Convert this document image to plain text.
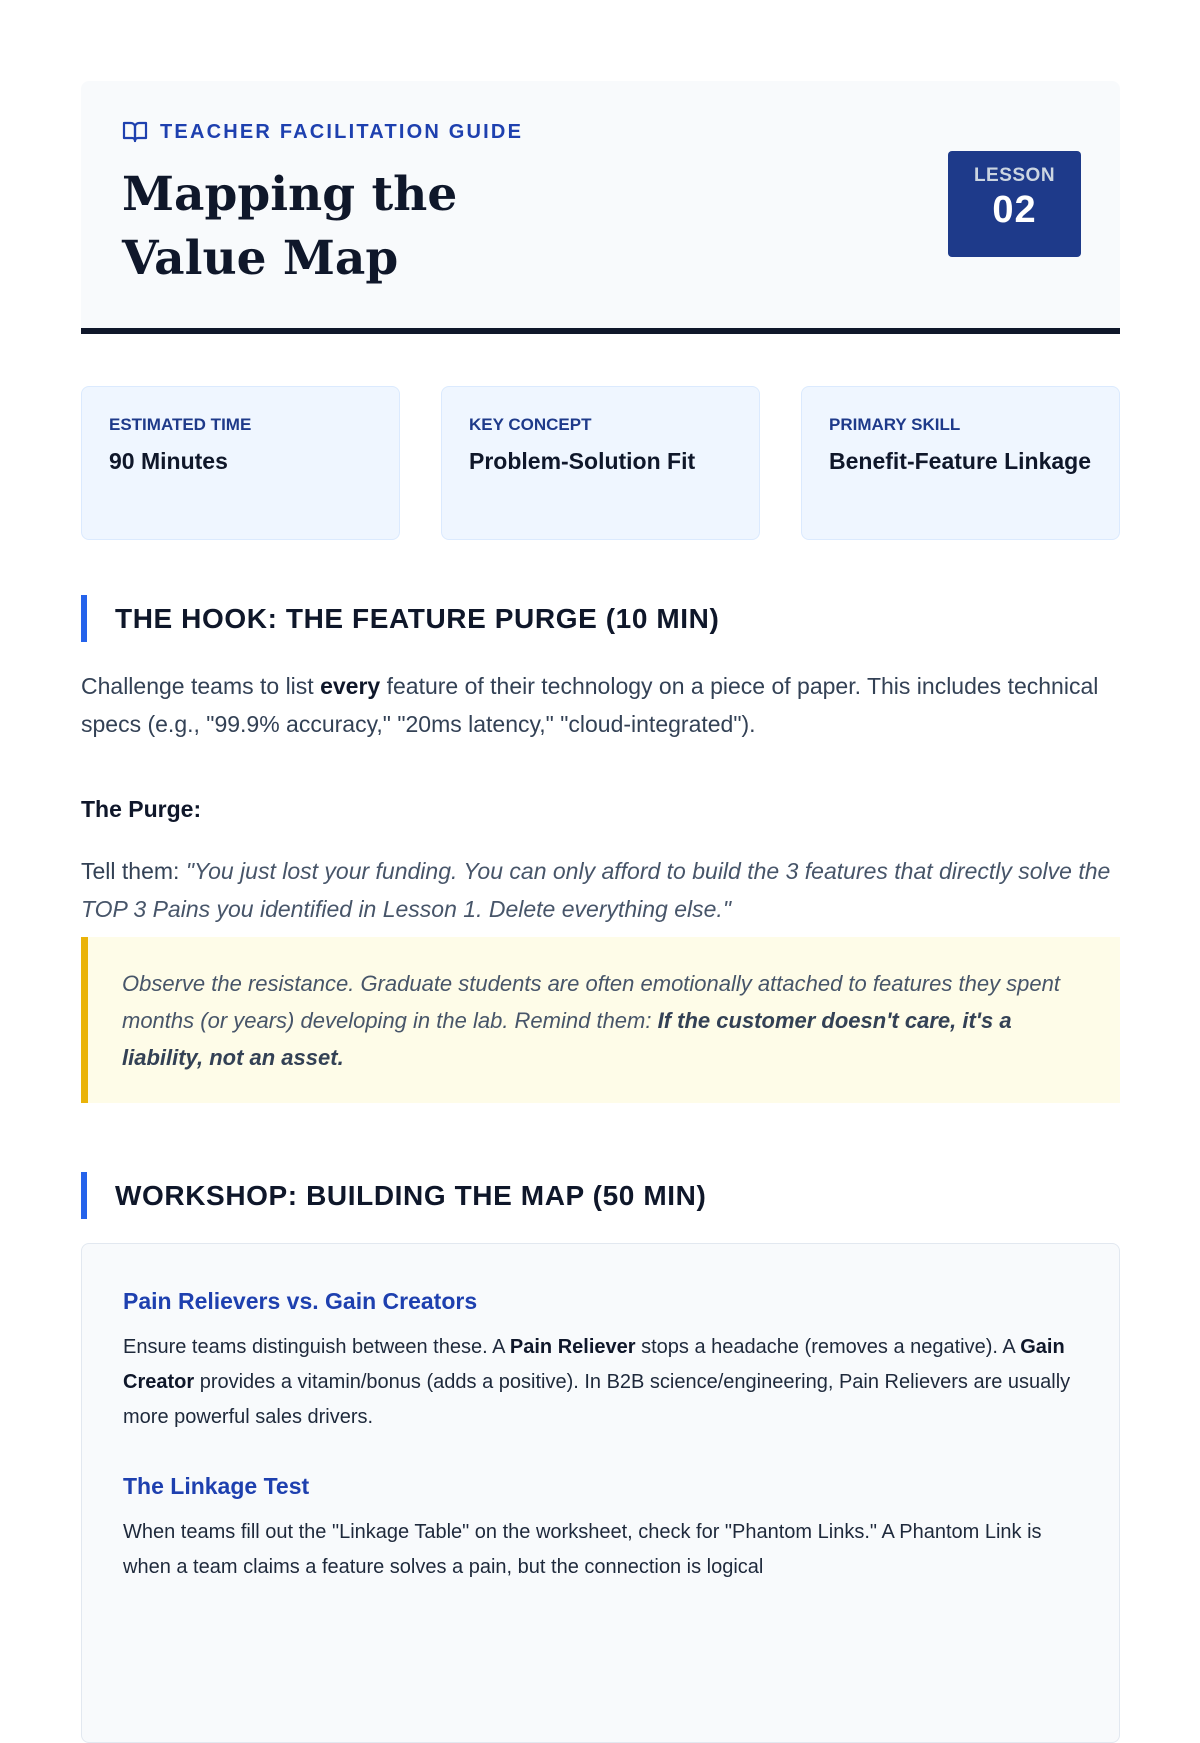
TEACHER FACILITATION GUIDE
Mapping the Value Map
LESSON
02
ESTIMATED TIME
90 Minutes
KEY CONCEPT
Problem-Solution Fit
PRIMARY SKILL
Benefit-Feature Linkage
THE HOOK: THE FEATURE PURGE (10 MIN)

Challenge teams to list every feature of their technology on a piece of paper. This includes technical specs (e.g., "99.9% accuracy," "20ms latency," "cloud-integrated").

The Purge:

Tell them: "You just lost your funding. You can only afford to build the 3 features that directly solve the TOP 3 Pains you identified in Lesson 1. Delete everything else."

Observe the resistance. Graduate students are often emotionally attached to features they spent months (or years) developing in the lab. Remind them: If the customer doesn't care, it's a liability, not an asset.
WORKSHOP: BUILDING THE MAP (50 MIN)
Pain Relievers vs. Gain Creators

Ensure teams distinguish between these. A Pain Reliever stops a headache (removes a negative). A Gain Creator provides a vitamin/bonus (adds a positive). In B2B science/engineering, Pain Relievers are usually more powerful sales drivers.

The Linkage Test

When teams fill out the "Linkage Table" on the worksheet, check for "Phantom Links." A Phantom Link is when a team claims a feature solves a pain, but the connection is logical
